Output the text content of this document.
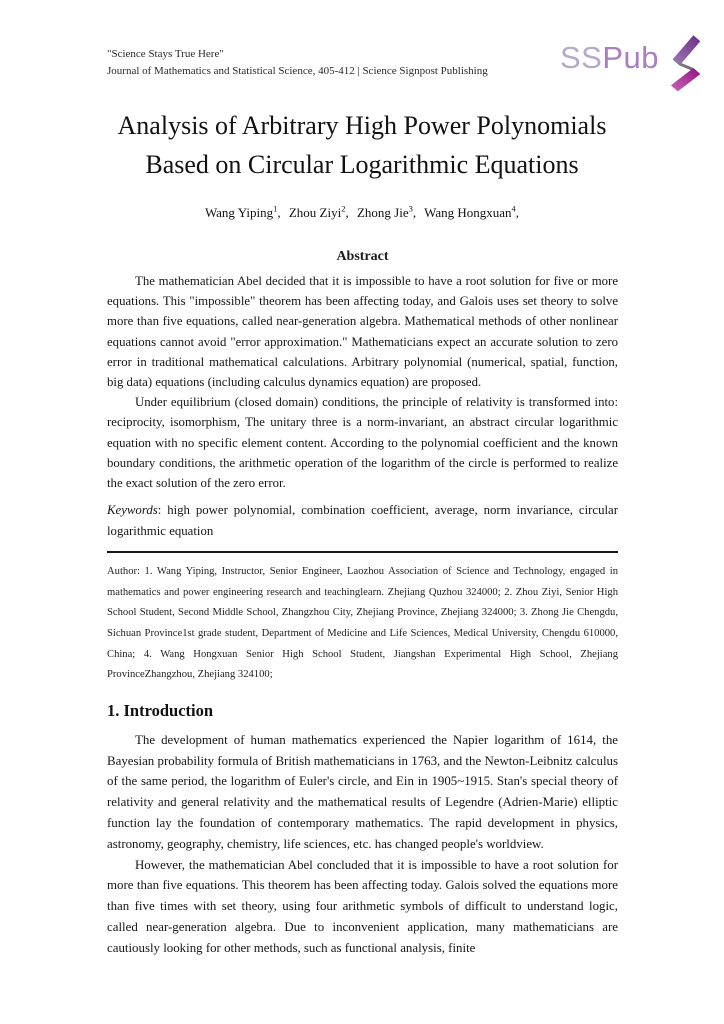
"Science Stays True Here"
Journal of Mathematics and Statistical Science, 405-412 | Science Signpost Publishing	SSPub
Analysis of Arbitrary High Power Polynomials
Based on Circular Logarithmic Equations
Wang Yiping$^1$, Zhou Ziyi$^2$, Zhong Jie$^3$, Wang Hongxuan$^4$,
Abstract

The mathematician Abel decided that it is impossible to have a root solution for five or more equations. This "impossible" theorem has been affecting today, and Galois uses set theory to solve more than five equations, called near-generation algebra. Mathematical methods of other nonlinear equations cannot avoid "error approximation." Mathematicians expect an accurate solution to zero error in traditional mathematical calculations. Arbitrary polynomial (numerical, spatial, function, big data) equations (including calculus dynamics equation) are proposed.

Under equilibrium (closed domain) conditions, the principle of relativity is transformed into: reciprocity, isomorphism, The unitary three is a norm-invariant, an abstract circular logarithmic equation with no specific element content. According to the polynomial coefficient and the known boundary conditions, the arithmetic operation of the logarithm of the circle is performed to realize the exact solution of the zero error.

Keywords: high power polynomial, combination coefficient, average, norm invariance, circular logarithmic equation

Author: 1. Wang Yiping, Instructor, Senior Engineer, Laozhou Association of Science and Technology, engaged in mathematics and power engineering research and teachinglearn. Zhejiang Quzhou 324000; 2. Zhou Ziyi, Senior High School Student, Second Middle School, Zhangzhou City, Zhejiang Province, Zhejiang 324000; 3. Zhong Jie Chengdu, Sichuan Province1st grade student, Department of Medicine and Life Sciences, Medical University, Chengdu 610000, China; 4. Wang Hongxuan Senior High School Student, Jiangshan Experimental High School, Zhejiang ProvinceZhangzhou, Zhejiang 324100;

1. Introduction

The development of human mathematics experienced the Napier logarithm of 1614, the Bayesian probability formula of British mathematicians in 1763, and the Newton-Leibnitz calculus of the same period, the logarithm of Euler's circle, and Ein in 1905~1915. Stan's special theory of relativity and general relativity and the mathematical results of Legendre (Adrien-Marie) elliptic function lay the foundation of contemporary mathematics. The rapid development in physics, astronomy, geography, chemistry, life sciences, etc. has changed people's worldview.

However, the mathematician Abel concluded that it is impossible to have a root solution for more than five equations. This theorem has been affecting today. Galois solved the equations more than five times with set theory, using four arithmetic symbols of difficult to understand logic, called near-generation algebra. Due to inconvenient application, many mathematicians are cautiously looking for other methods, such as functional analysis, finite
